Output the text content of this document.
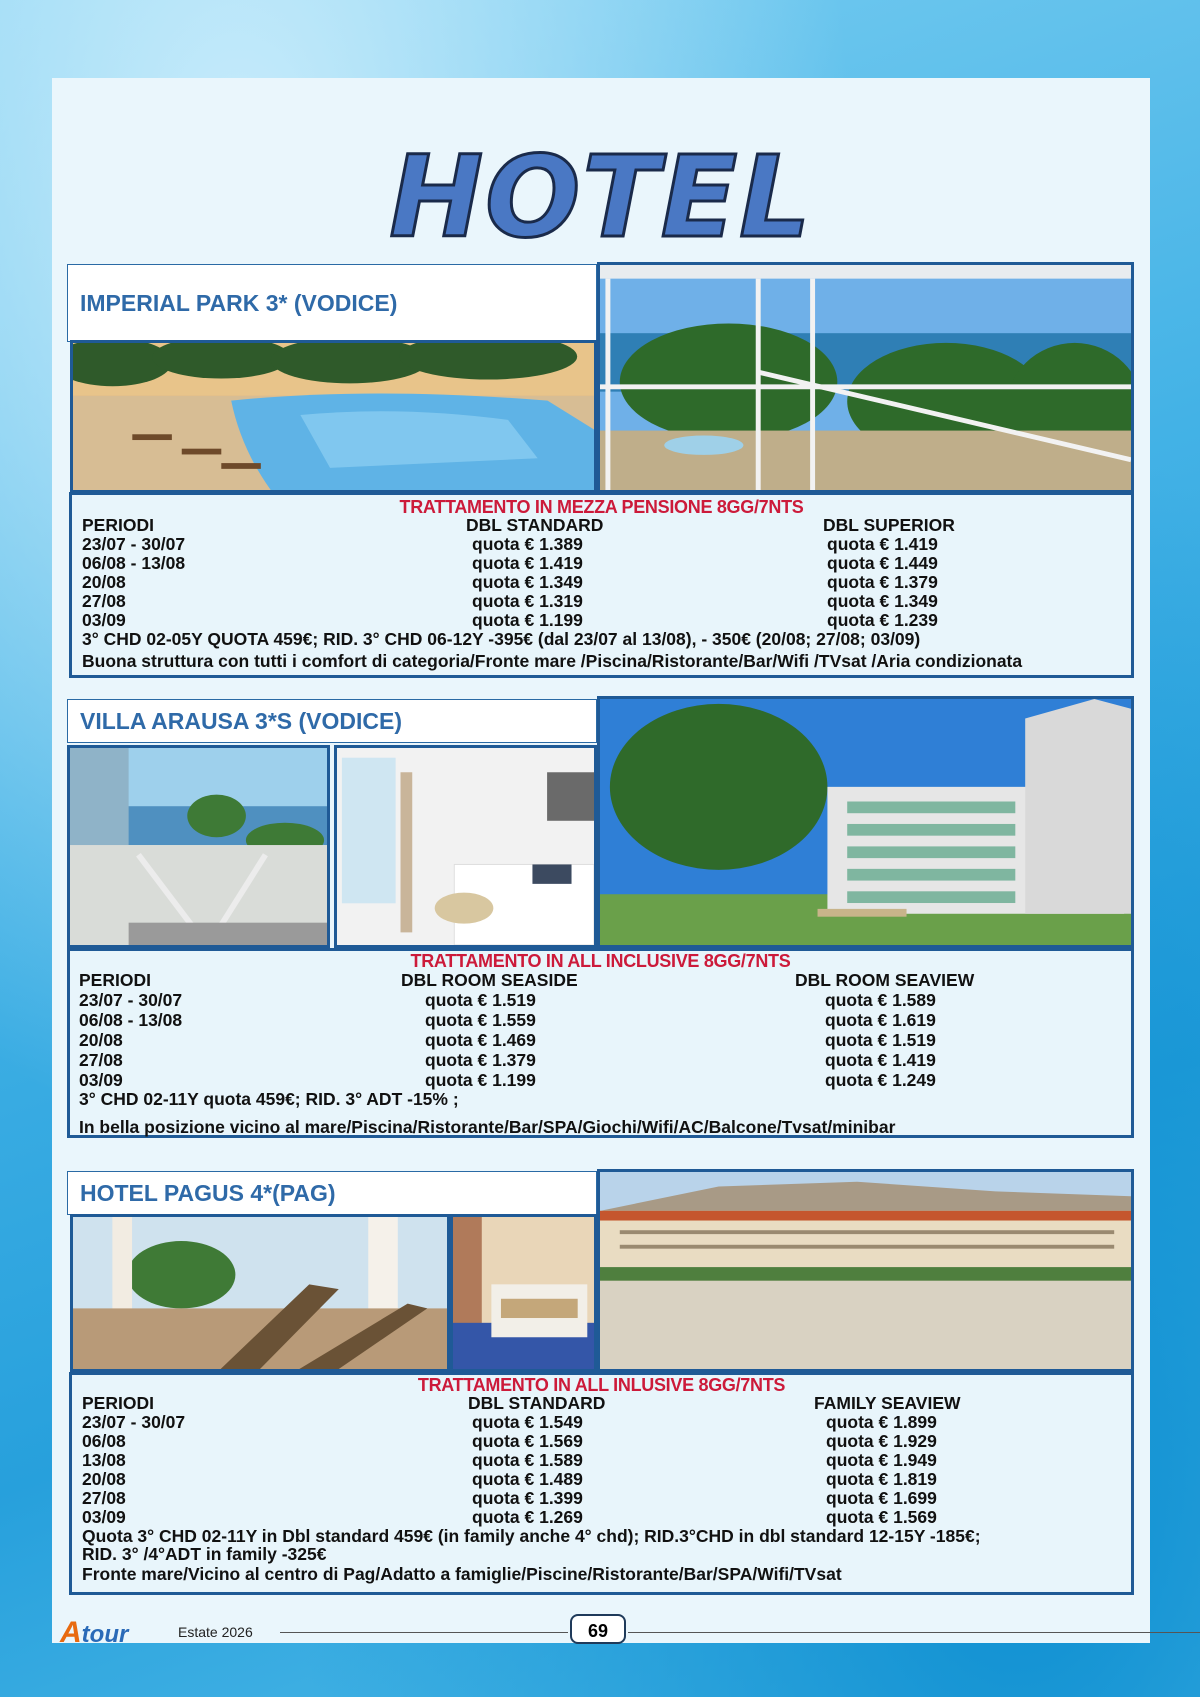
HOTEL
IMPERIAL PARK 3* (VODICE)
TRATTAMENTO IN MEZZA PENSIONE 8GG/7NTS
PERIODI
23/07 - 30/07
06/08 - 13/08
20/08
27/08
03/09
DBL STANDARD
quota € 1.389
quota € 1.419
quota € 1.349
quota € 1.319
quota € 1.199
DBL SUPERIOR
quota € 1.419
quota € 1.449
quota € 1.379
quota € 1.349
quota € 1.239
3° CHD 02-05Y QUOTA 459€; RID. 3° CHD 06-12Y -395€ (dal 23/07 al 13/08), - 350€ (20/08; 27/08; 03/09)
Buona struttura con tutti i comfort di categoria/Fronte mare /Piscina/Ristorante/Bar/Wifi /TVsat /Aria condizionata
VILLA ARAUSA 3*S (VODICE)
TRATTAMENTO IN ALL INCLUSIVE 8GG/7NTS
PERIODI
23/07 - 30/07
06/08 - 13/08
20/08
27/08
03/09
DBL ROOM SEASIDE
quota € 1.519
quota € 1.559
quota € 1.469
quota € 1.379
quota € 1.199
DBL ROOM SEAVIEW
quota € 1.589
quota € 1.619
quota € 1.519
quota € 1.419
quota € 1.249
3° CHD 02-11Y quota 459€; RID. 3° ADT -15% ;
In bella posizione vicino al mare/Piscina/Ristorante/Bar/SPA/Giochi/Wifi/AC/Balcone/Tvsat/minibar
HOTEL PAGUS 4*(PAG)
TRATTAMENTO IN ALL INLUSIVE 8GG/7NTS
PERIODI
23/07 - 30/07
06/08
13/08
20/08
27/08
03/09
DBL STANDARD
quota € 1.549
quota € 1.569
quota € 1.589
quota € 1.489
quota € 1.399
quota € 1.269
FAMILY SEAVIEW
quota € 1.899
quota € 1.929
quota € 1.949
quota € 1.819
quota € 1.699
quota € 1.569
Quota 3° CHD 02-11Y in Dbl standard 459€ (in family anche 4° chd); RID.3°CHD in dbl standard 12-15Y -185€;
RID. 3° /4°ADT in family -325€
Fronte mare/Vicino al centro di Pag/Adatto a famiglie/Piscine/Ristorante/Bar/SPA/Wifi/TVsat
Atour	Estate 2026	69
